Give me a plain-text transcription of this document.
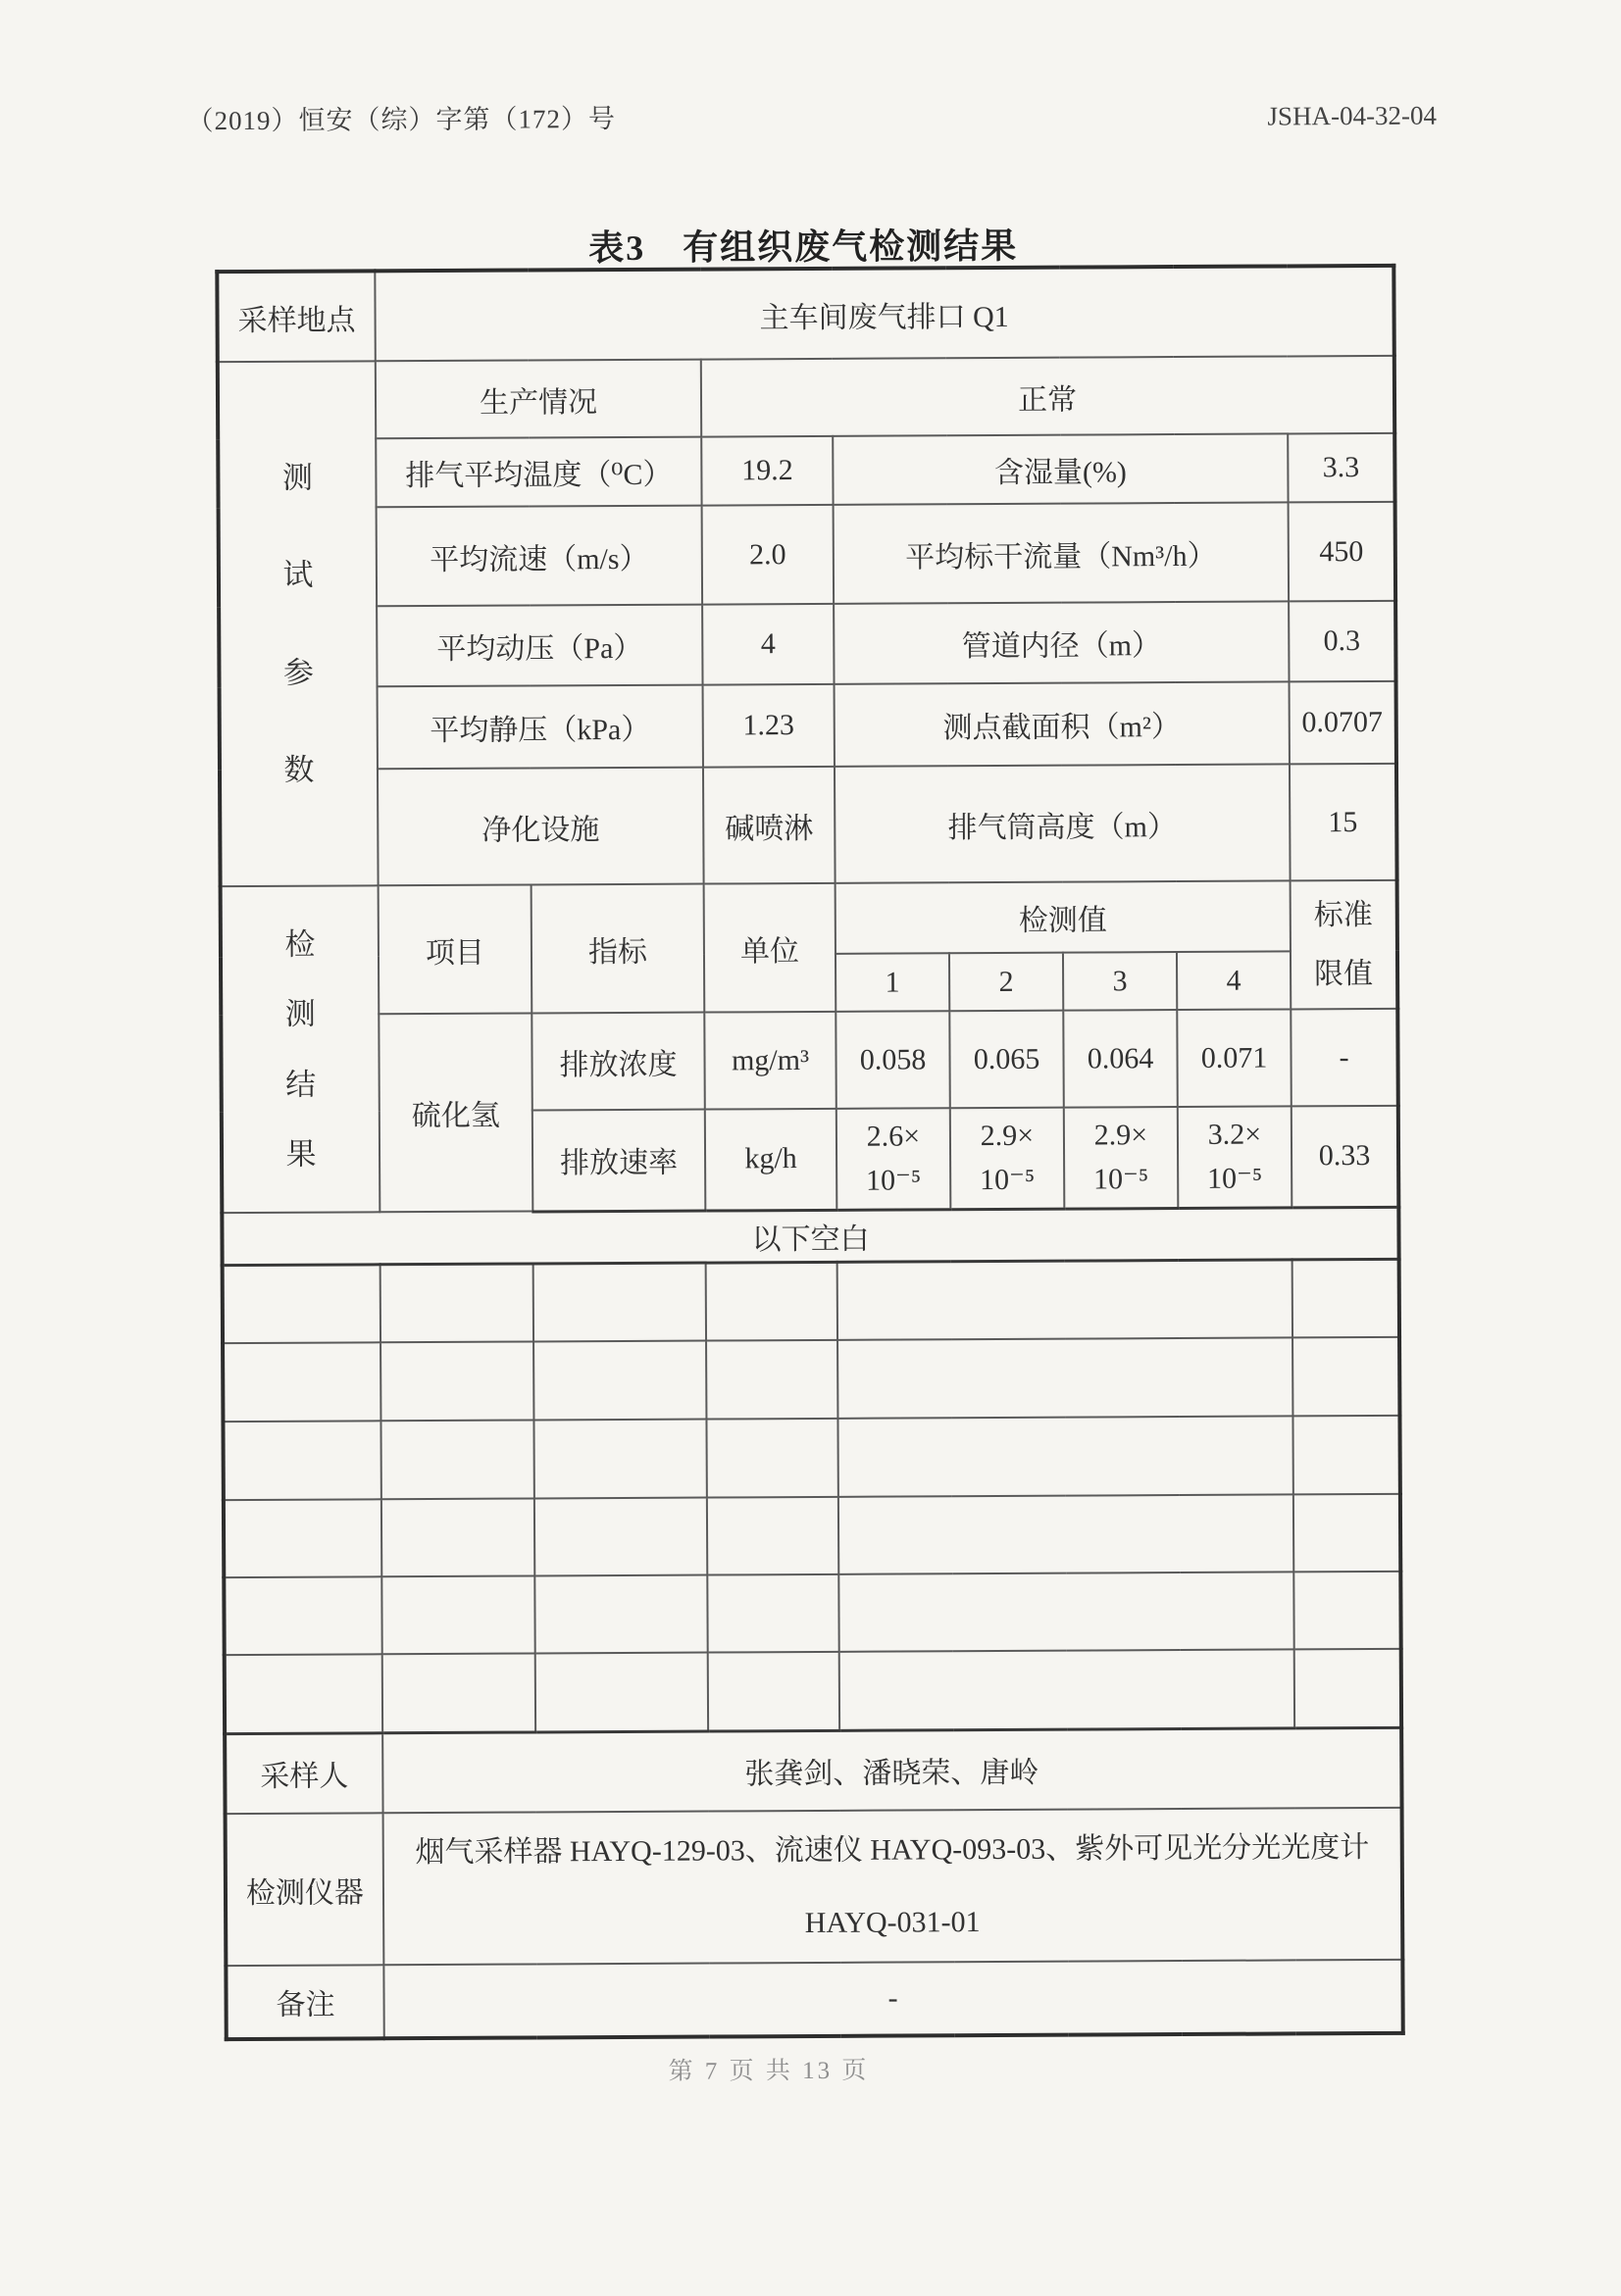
（2019）恒安（综）字第（172）号	JSHA-04-32-04
表3　有组织废气检测结果
采样地点	主车间废气排口 Q1							
测
试
参
数	生产情况		正常					
	排气平均温度（⁰C）		19.2	含湿量(%)				3.3
	平均流速（m/s）		2.0	平均标干流量（Nm³/h）				450
	平均动压（Pa）		4	管道内径（m）				0.3
	平均静压（kPa）		1.23	测点截面积（m²）				0.0707
	净化设施		碱喷淋	排气筒高度（m）				15
检
测
结
果	项目	指标	单位	检测值				标准
限值
				1	2	3	4	
	硫化氢	排放浓度	mg/m³	0.058	0.065	0.064	0.071	-
		排放速率	kg/h	2.6×
10⁻⁵	2.9×
10⁻⁵	2.9×
10⁻⁵	3.2×
10⁻⁵	0.33
以下空白								

采样人	张龚剑、潘晓荣、唐岭							
检测仪器	烟气采样器 HAYQ-129-03、流速仪 HAYQ-093-03、紫外可见光分光光度计
HAYQ-031-01							
备注	-							
第 7 页 共 13 页
